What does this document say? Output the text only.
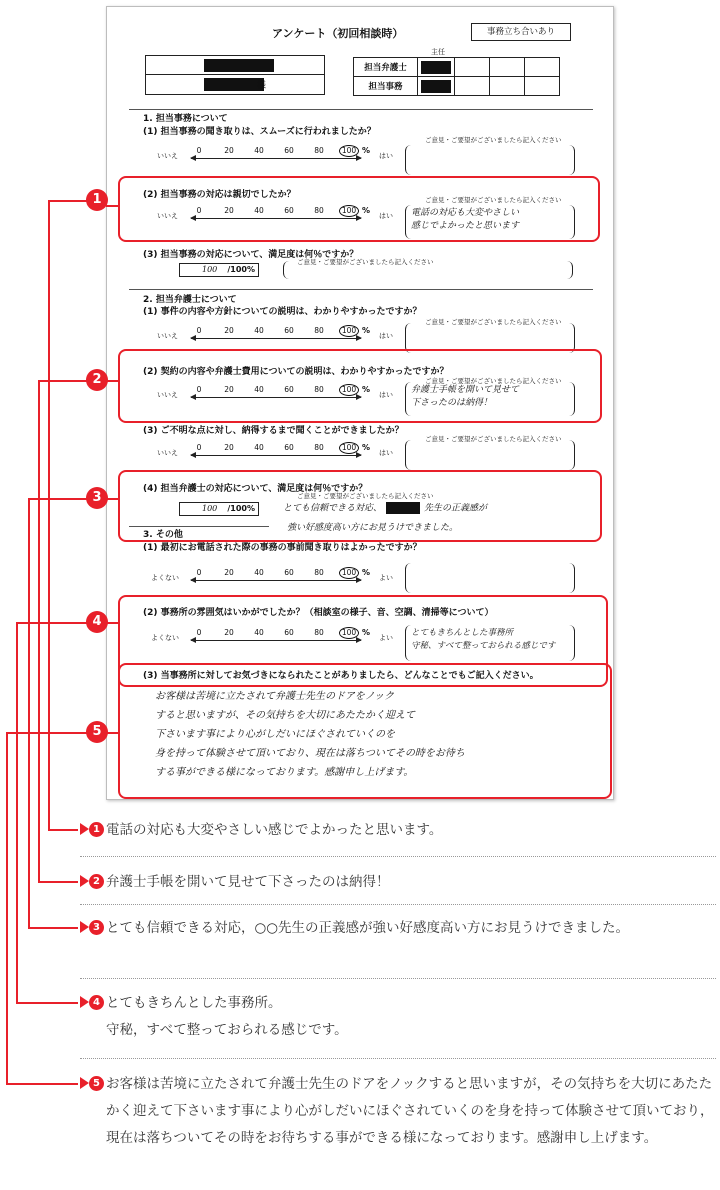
アンケート（初回相談時）	事務立ち合いあり
様
主任
担当弁護士	

担当事務	

1. 担当事務について
(1) 担当事務の聞き取りは、スムーズに行われましたか？
ご意見・ご要望がございましたら記入ください
いいえ
0	20	40	60	80	100 %
はい
(2) 担当事務の対応は親切でしたか？	ご意見・ご要望がございましたら記入ください
いいえ
0	20	40	60	80	100 %
はい 電話の対応も大変やさしい
感じでよかったと思います
(3) 担当事務の対応について、満足度は何％ですか？
ご意見・ご要望がございましたら記入ください
100 /100%
2. 担当弁護士について
(1) 事件の内容や方針についての説明は、わかりやすかったですか？
ご意見・ご要望がございましたら記入ください
いいえ
0	20	40	60	80	100 %
はい
(2) 契約の内容や弁護士費用についての説明は、わかりやすかったですか？
ご意見・ご要望がございましたら記入ください
いいえ
0	20	40	60	80	100 %
はい 弁護士手帳を開いて見せて
下さったのは納得！
(3) ご不明な点に対し、納得するまで聞くことができましたか？
ご意見・ご要望がございましたら記入ください
いいえ
0	20	40	60	80	100 %
はい
(4) 担当弁護士の対応について、満足度は何％ですか？
ご意見・ご要望がございましたら記入ください
100 /100%	とても信頼できる対応、	先生の正義感が
強い好感度高い方にお見うけできました。
3. その他
(1) 最初にお電話された際の事務の事前聞き取りはよかったですか？
よくない
0	20	40	60	80	100 %
よい
(2) 事務所の雰囲気はいかがでしたか？（相談室の様子、音、空調、清掃等について）
よくない
0	20	40	60	80	100 %
よい とてもきちんとした事務所
守秘、すべて整っておられる感じです
(3) 当事務所に対してお気づきになられたことがありましたら、どんなことでもご記入ください。
お客様は苦境に立たされて弁護士先生のドアをノック
すると思いますが、その気持ちを大切にあたたかく迎えて
下さいます事により心がしだいにほぐされていくのを
身を持って体験させて頂いており、現在は落ちついてその時をお待ち
する事ができる様になっております。感謝申し上げます。
1
2
3
4
5
1 電話の対応も大変やさしい感じでよかったと思います。
2 弁護士手帳を開いて見せて下さったのは納得！
3 とても信頼できる対応，○○先生の正義感が強い好感度高い方にお見うけできました。
4 とてもきちんとした事務所。
守秘，すべて整っておられる感じです。
5 お客様は苦境に立たされて弁護士先生のドアをノックすると思いますが，その気持ちを大切にあたたかく迎えて下さいます事により心がしだいにほぐされていくのを身を持って体験させて頂いており，現在は落ちついてその時をお待ちする事ができる様になっております。感謝申し上げます。
